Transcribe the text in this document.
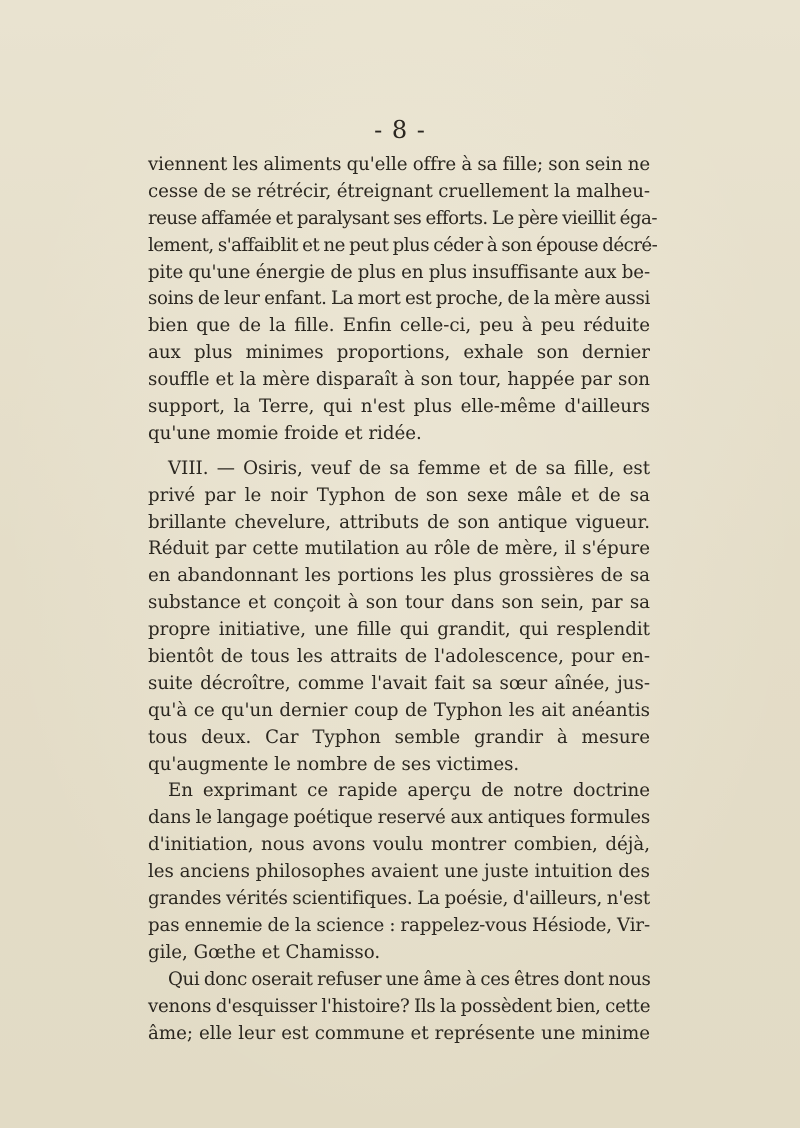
- 8 -
viennent les aliments qu'elle offre à sa fille; son sein ne
cesse de se rétrécir, étreignant cruellement la malheu-
reuse affamée et paralysant ses efforts. Le père vieillit éga-
lement, s'affaiblit et ne peut plus céder à son épouse décré-
pite qu'une énergie de plus en plus insuffisante aux be-
soins de leur enfant. La mort est proche, de la mère aussi
bien que de la fille. Enfin celle-ci, peu à peu réduite
aux plus minimes proportions, exhale son dernier
souffle et la mère disparaît à son tour, happée par son
support, la Terre, qui n'est plus elle-même d'ailleurs
qu'une momie froide et ridée.
VIII. — Osiris, veuf de sa femme et de sa fille, est
privé par le noir Typhon de son sexe mâle et de sa
brillante chevelure, attributs de son antique vigueur.
Réduit par cette mutilation au rôle de mère, il s'épure
en abandonnant les portions les plus grossières de sa
substance et conçoit à son tour dans son sein, par sa
propre initiative, une fille qui grandit, qui resplendit
bientôt de tous les attraits de l'adolescence, pour en-
suite décroître, comme l'avait fait sa sœur aînée, jus-
qu'à ce qu'un dernier coup de Typhon les ait anéantis
tous deux. Car Typhon semble grandir à mesure
qu'augmente le nombre de ses victimes.
En exprimant ce rapide aperçu de notre doctrine
dans le langage poétique reservé aux antiques formules
d'initiation, nous avons voulu montrer combien, déjà,
les anciens philosophes avaient une juste intuition des
grandes vérités scientifiques. La poésie, d'ailleurs, n'est
pas ennemie de la science : rappelez-vous Hésiode, Vir-
gile, Gœthe et Chamisso.
Qui donc oserait refuser une âme à ces êtres dont nous
venons d'esquisser l'histoire? Ils la possèdent bien, cette
âme; elle leur est commune et représente une minime
